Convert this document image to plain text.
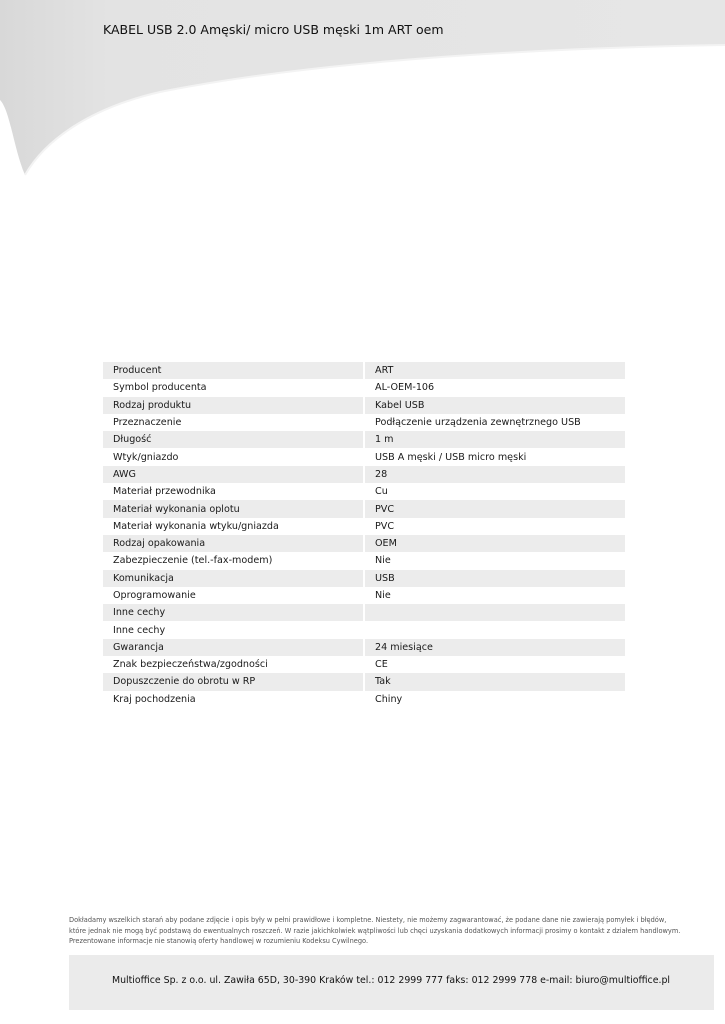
KABEL USB 2.0 Amęski/ micro USB męski 1m ART oem
Producent		ART
Symbol producenta		AL-OEM-106
Rodzaj produktu		Kabel USB
Przeznaczenie		Podłączenie urządzenia zewnętrznego USB
Długość		1 m
Wtyk/gniazdo		USB A męski / USB micro męski
AWG		28
Materiał przewodnika		Cu
Materiał wykonania oplotu		PVC
Materiał wykonania wtyku/gniazda		PVC
Rodzaj opakowania		OEM
Zabezpieczenie (tel.-fax-modem)		Nie
Komunikacja		USB
Oprogramowanie		Nie
Inne cechy		
Inne cechy		
Gwarancja		24 miesiące
Znak bezpieczeństwa/zgodności		CE
Dopuszczenie do obrotu w RP		Tak
Kraj pochodzenia		Chiny

Dokładamy wszelkich starań aby podane zdjęcie i opis były w pełni prawidłowe i kompletne. Niestety, nie możemy zagwarantować, że podane dane nie zawierają pomyłek i błędów,

które jednak nie mogą być podstawą do ewentualnych roszczeń. W razie jakichkolwiek wątpliwości lub chęci uzyskania dodatkowych informacji prosimy o kontakt z działem handlowym.

Prezentowane informacje nie stanowią oferty handlowej w rozumieniu Kodeksu Cywilnego.

Multioffice Sp. z o.o. ul. Zawiła 65D, 30-390 Kraków tel.: 012 2999 777 faks: 012 2999 778 e-mail: biuro@multioffice.pl
